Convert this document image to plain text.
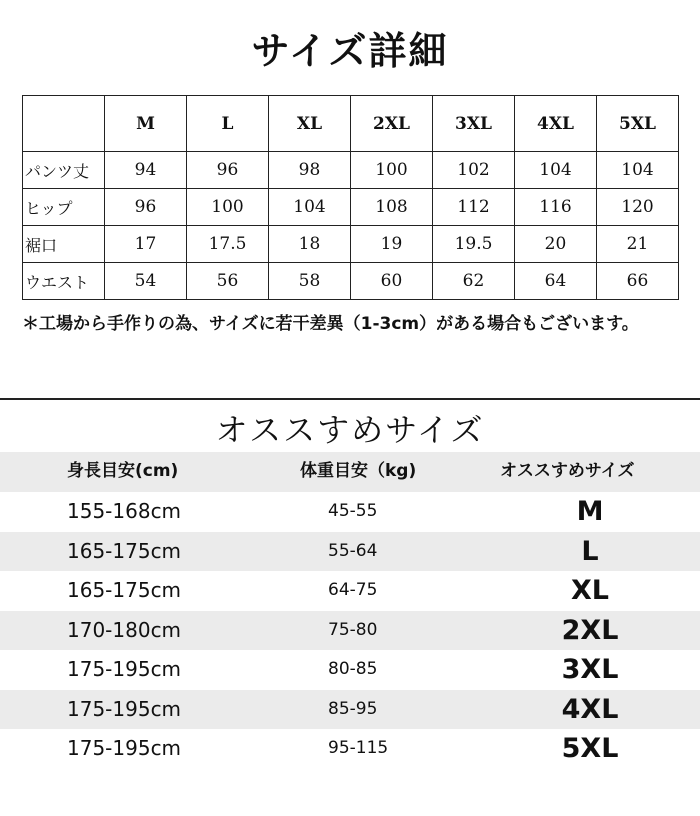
サイズ詳細
	M	L	XL	2XL	3XL	4XL	5XL
パンツ丈	94	96	98	100	102	104	104
ヒップ	96	100	104	108	112	116	120
裾口	17	17.5	18	19	19.5	20	21
ウエスト	54	56	58	60	62	64	66
＊工場から手作りの為、サイズに若干差異（1-3cm）がある場合もございます。
オススすめサイズ
身長目安(cm)	体重目安（kg)	オススすめサイズ
155-168cm	45-55	M
165-175cm	55-64	L
165-175cm	64-75	XL
170-180cm	75-80	2XL
175-195cm	80-85	3XL
175-195cm	85-95	4XL
175-195cm	95-115	5XL
